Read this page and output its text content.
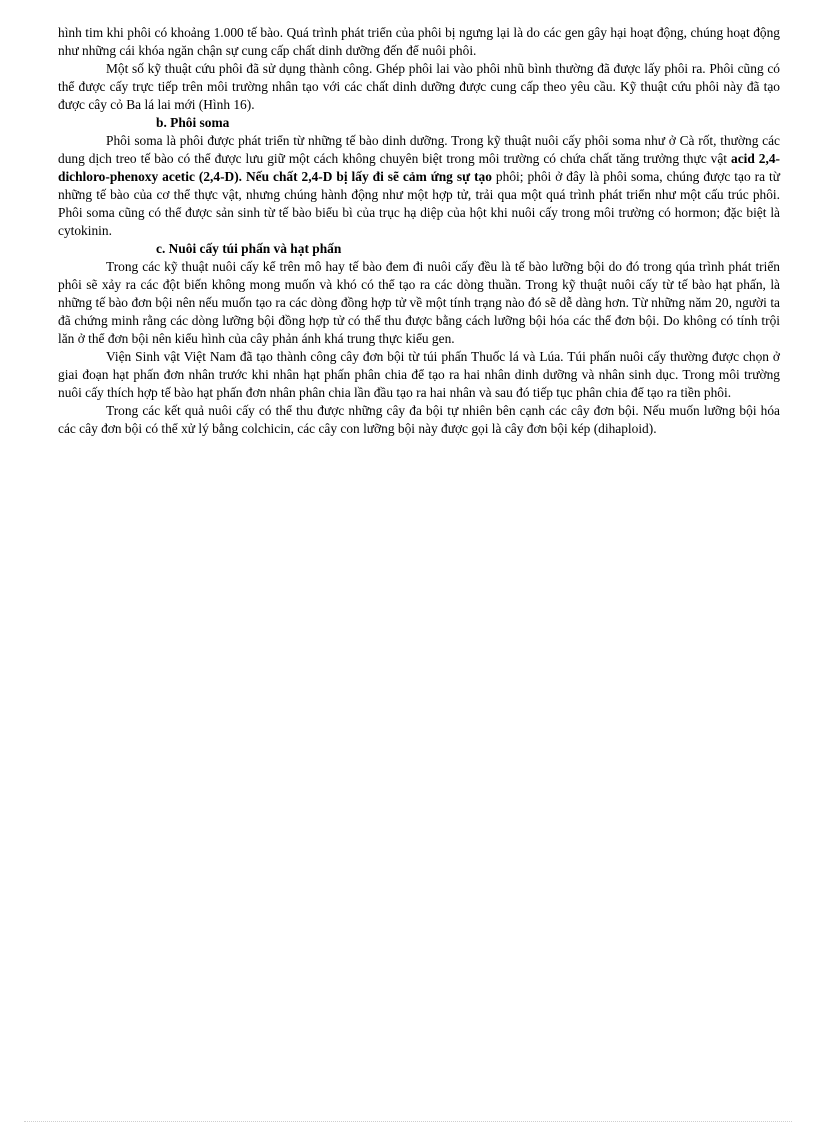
hình tim khi phôi có khoảng 1.000 tế bào. Quá trình phát triển của phôi bị ngưng lại là do các gen gây hại hoạt động, chúng hoạt động như những cái khóa ngăn chận sự cung cấp chất dinh dưỡng đến để nuôi phôi.

Một số kỹ thuật cứu phôi đã sử dụng thành công. Ghép phôi lai vào phôi nhũ bình thường đã được lấy phôi ra. Phôi cũng có thể được cấy trực tiếp trên môi trường nhân tạo với các chất dinh dưỡng được cung cấp theo yêu cầu. Kỹ thuật cứu phôi này đã tạo được cây cỏ Ba lá lai mới (Hình 16).

b. Phôi soma

Phôi soma là phôi được phát triển từ những tế bào dinh dưỡng. Trong kỹ thuật nuôi cấy phôi soma như ở Cà rốt, thường các dung dịch treo tế bào có thể được lưu giữ một cách không chuyên biệt trong môi trường có chứa chất tăng trưởng thực vật acid 2,4-dichloro-phenoxy acetic (2,4-D). Nếu chất 2,4-D bị lấy đi sẽ cảm ứng sự tạo phôi; phôi ở đây là phôi soma, chúng được tạo ra từ những tế bào của cơ thể thực vật, nhưng chúng hành động như một hợp tử, trải qua một quá trình phát triển như một cấu trúc phôi. Phôi soma cũng có thể được sản sinh từ tế bào biểu bì của trục hạ diệp của hột khi nuôi cấy trong môi trường có hormon; đặc biệt là cytokinin.

c. Nuôi cấy túi phấn và hạt phấn

Trong các kỹ thuật nuôi cấy kể trên mô hay tế bào đem đi nuôi cấy đều là tế bào lưỡng bội do đó trong qúa trình phát triển phôi sẽ xảy ra các đột biến không mong muốn và khó có thể tạo ra các dòng thuần. Trong kỹ thuật nuôi cấy từ tế bào hạt phấn, là những tế bào đơn bội nên nếu muốn tạo ra các dòng đồng hợp tử về một tính trạng nào đó sẽ dễ dàng hơn. Từ những năm 20, người ta đã chứng minh rằng các dòng lưỡng bội đồng hợp tử có thể thu được bằng cách lưỡng bội hóa các thể đơn bội. Do không có tính trội lăn ở thể đơn bội nên kiểu hình của cây phản ánh khá trung thực kiểu gen.

Viện Sinh vật Việt Nam đã tạo thành công cây đơn bội từ túi phấn Thuốc lá và Lúa. Túi phấn nuôi cấy thường được chọn ở giai đoạn hạt phấn đơn nhân trước khi nhân hạt phấn phân chia để tạo ra hai nhân dinh dưỡng và nhân sinh dục. Trong môi trường nuôi cấy thích hợp tế bào hạt phấn đơn nhân phân chia lần đầu tạo ra hai nhân và sau đó tiếp tục phân chia để tạo ra tiền phôi.

Trong các kết quả nuôi cấy có thể thu được những cây đa bội tự nhiên bên cạnh các cây đơn bội. Nếu muốn lưỡng bội hóa các cây đơn bội có thể xử lý bằng colchicin, các cây con lưỡng bội này được gọi là cây đơn bội kép (dihaploid).
